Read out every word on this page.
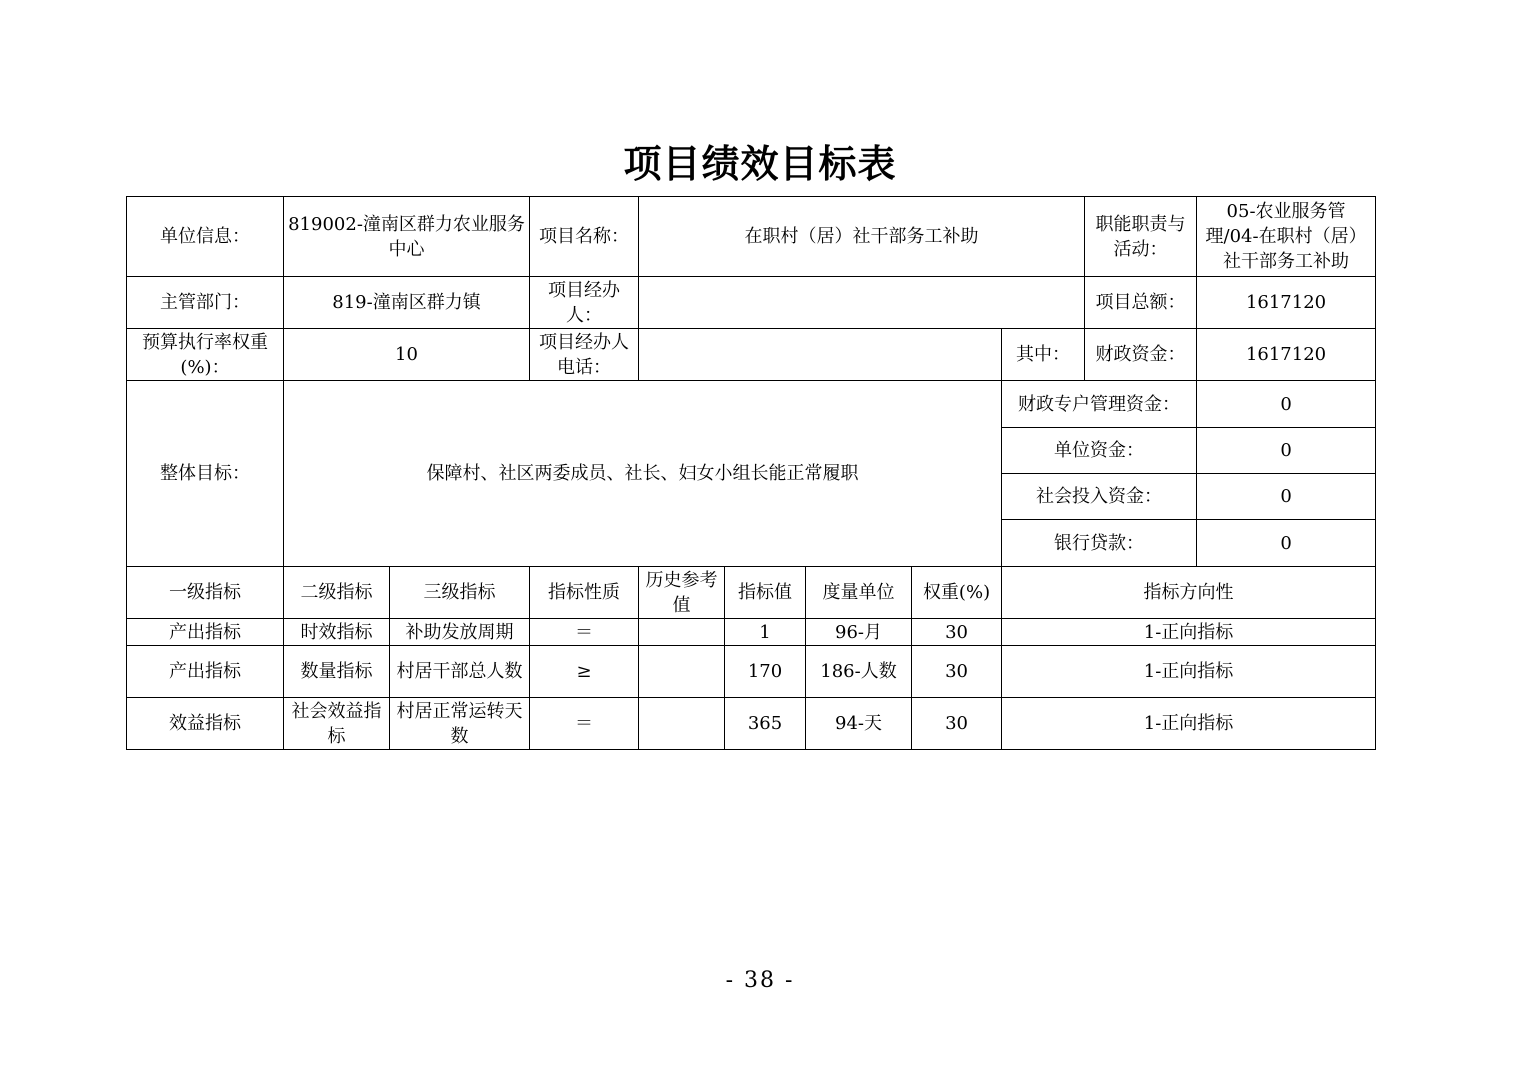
项目绩效目标表
单位信息：	819002-潼南区群力农业服务中心		项目名称：	在职村（居）社干部务工补助					职能职责与活动：	05-农业服务管理/04-在职村（居）社干部务工补助
主管部门：	819-潼南区群力镇		项目经办人：						项目总额：	1617120
预算执行率权重(%)：	10		项目经办人电话：					其中：	财政资金：	1617120
整体目标：	保障村、社区两委成员、社长、妇女小组长能正常履职							财政专户管理资金：		0
								单位资金：		0
								社会投入资金：		0
								银行贷款：		0
一级指标	二级指标	三级指标	指标性质	历史参考值	指标值	度量单位	权重(%)	指标方向性		
产出指标	时效指标	补助发放周期	＝		1	96-月	30	1-正向指标		
产出指标	数量指标	村居干部总人数	≥		170	186-人数	30	1-正向指标		
效益指标	社会效益指标	村居正常运转天数	＝		365	94-天	30	1-正向指标		
- 38 -
